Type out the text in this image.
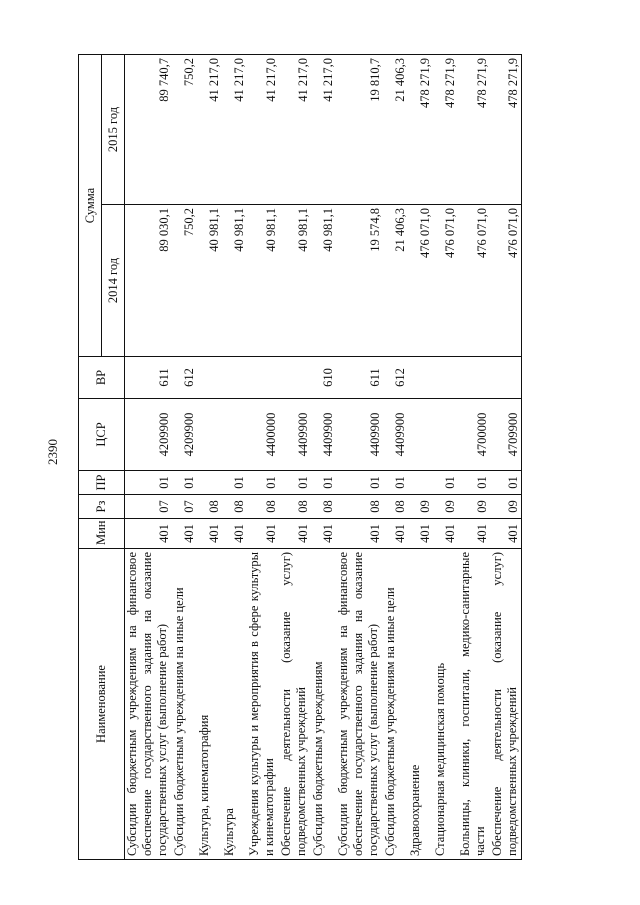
2390
Наименование	Мин	Рз	ПР	ЦСР	ВР	Сумма	
						2014 год	2015 год
Субсидии бюджетным учреждениям на финансовое обеспечение государственного задания на оказание государственных услуг (выполнение работ)	401	07	01	4209900	611	89 030,1	89 740,7
Субсидии бюджетным учреждениям на иные цели	401	07	01	4209900	612	750,2	750,2
Культура, кинематография	401	08				40 981,1	41 217,0
Культура	401	08	01			40 981,1	41 217,0
Учреждения культуры и мероприятия в сфере культуры и кинематографии	401	08	01	4400000		40 981,1	41 217,0
Обеспечение деятельности (оказание услуг) подведомственных учреждений	401	08	01	4409900		40 981,1	41 217,0
Субсидии бюджетным учреждениям	401	08	01	4409900	610	40 981,1	41 217,0
Субсидии бюджетным учреждениям на финансовое обеспечение государственного задания на оказание государственных услуг (выполнение работ)	401	08	01	4409900	611	19 574,8	19 810,7
Субсидии бюджетным учреждениям на иные цели	401	08	01	4409900	612	21 406,3	21 406,3
Здравоохранение	401	09				476 071,0	478 271,9
Стационарная медицинская помощь	401	09	01			476 071,0	478 271,9
Больницы, клиники, госпитали, медико-санитарные части	401	09	01	4700000		476 071,0	478 271,9
Обеспечение деятельности (оказание услуг) подведомственных учреждений	401	09	01	4709900		476 071,0	478 271,9
